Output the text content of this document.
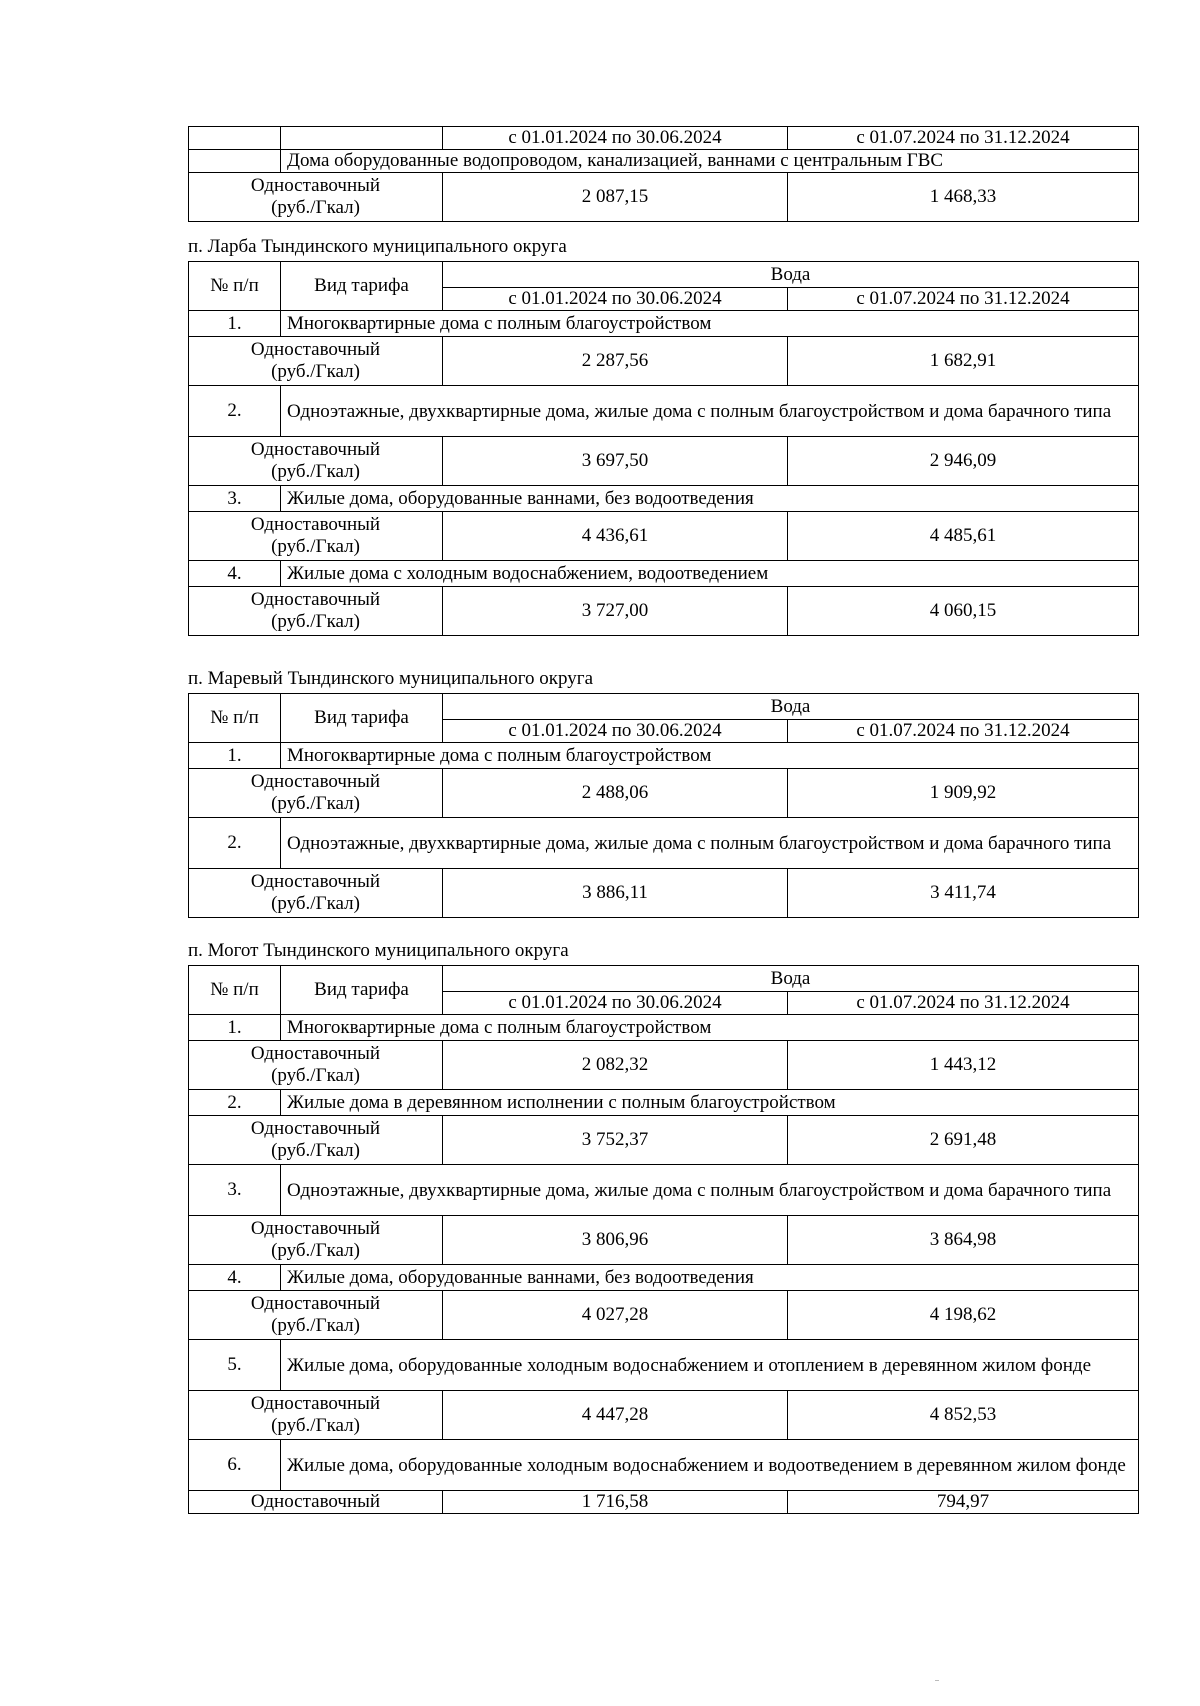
		с 01.01.2024 по 30.06.2024	с 01.07.2024 по 31.12.2024
	Дома оборудованные водопроводом, канализацией, ваннами с центральным ГВС		

Одноставочный
(руб./Гкал)		2 087,15	1 468,33
п. Ларба Тындинского муниципального округа
№ п/п	Вид тарифа	Вода	
		с 01.01.2024 по 30.06.2024	с 01.07.2024 по 31.12.2024
1.	Многоквартирные дома с полным благоустройством		

Одноставочный
(руб./Гкал)		2 287,56	1 682,91
2.	Одноэтажные, двухквартирные дома, жилые дома с полным благоустройством и дома барачного типа		

Одноставочный
(руб./Гкал)		3 697,50	2 946,09
3.	Жилые дома, оборудованные ваннами, без водоотведения		

Одноставочный
(руб./Гкал)		4 436,61	4 485,61
4.	Жилые дома с холодным водоснабжением, водоотведением		

Одноставочный
(руб./Гкал)		3 727,00	4 060,15
п. Маревый Тындинского муниципального округа
№ п/п	Вид тарифа	Вода	
		с 01.01.2024 по 30.06.2024	с 01.07.2024 по 31.12.2024
1.	Многоквартирные дома с полным благоустройством		

Одноставочный
(руб./Гкал)		2 488,06	1 909,92
2.	Одноэтажные, двухквартирные дома, жилые дома с полным благоустройством и дома барачного типа		

Одноставочный
(руб./Гкал)		3 886,11	3 411,74
п. Могот Тындинского муниципального округа
№ п/п	Вид тарифа	Вода	
		с 01.01.2024 по 30.06.2024	с 01.07.2024 по 31.12.2024
1.	Многоквартирные дома с полным благоустройством		

Одноставочный
(руб./Гкал)		2 082,32	1 443,12
2.	Жилые дома в деревянном исполнении с полным благоустройством		

Одноставочный
(руб./Гкал)		3 752,37	2 691,48
3.	Одноэтажные, двухквартирные дома, жилые дома с полным благоустройством и дома барачного типа		

Одноставочный
(руб./Гкал)		3 806,96	3 864,98
4.	Жилые дома, оборудованные ваннами, без водоотведения		

Одноставочный
(руб./Гкал)		4 027,28	4 198,62
5.	Жилые дома, оборудованные холодным водоснабжением и отоплением в деревянном жилом фонде		

Одноставочный
(руб./Гкал)		4 447,28	4 852,53
6.	Жилые дома, оборудованные холодным водоснабжением и водоотведением в деревянном жилом фонде		

Одноставочный		1 716,58	794,97
